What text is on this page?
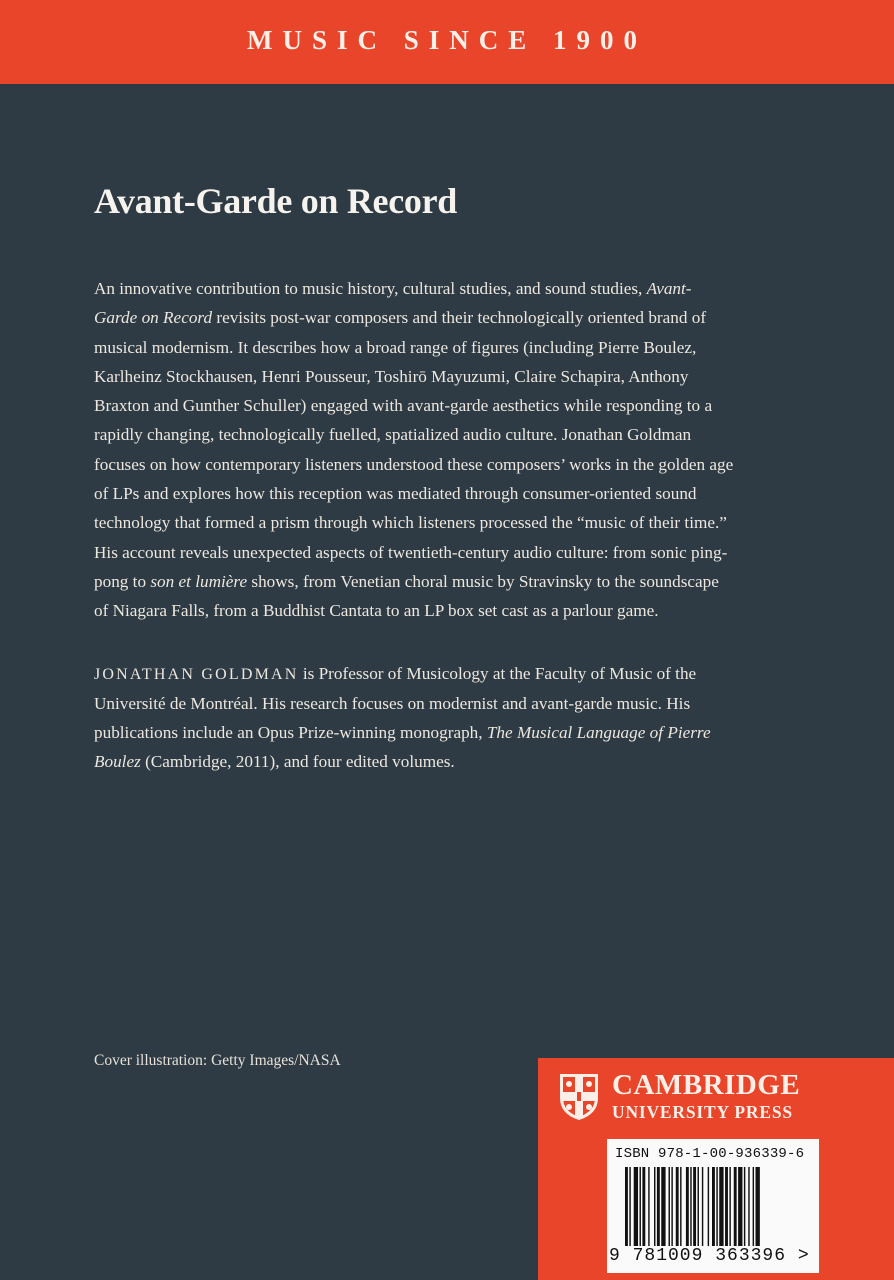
MUSIC SINCE 1900
Avant-Garde on Record

An innovative contribution to music history, cultural studies, and sound studies, Avant-Garde on Record revisits post-war composers and their technologically oriented brand of musical modernism. It describes how a broad range of figures (including Pierre Boulez, Karlheinz Stockhausen, Henri Pousseur, Toshirō Mayuzumi, Claire Schapira, Anthony Braxton and Gunther Schuller) engaged with avant-garde aesthetics while responding to a rapidly changing, technologically fuelled, spatialized audio culture. Jonathan Goldman focuses on how contemporary listeners understood these composers’ works in the golden age of LPs and explores how this reception was mediated through consumer-oriented sound technology that formed a prism through which listeners processed the “music of their time.” His account reveals unexpected aspects of twentieth-century audio culture: from sonic ping-pong to son et lumière shows, from Venetian choral music by Stravinsky to the soundscape of Niagara Falls, from a Buddhist Cantata to an LP box set cast as a parlour game.

JONATHAN GOLDMAN is Professor of Musicology at the Faculty of Music of the Université de Montréal. His research focuses on modernist and avant-garde music. His publications include an Opus Prize-winning monograph, The Musical Language of Pierre Boulez (Cambridge, 2011), and four edited volumes.

Cover illustration: Getty Images/NASA
CAMBRIDGE
UNIVERSITY PRESS
ISBN 978-1-00-936339-6
9 781009 363396 >
